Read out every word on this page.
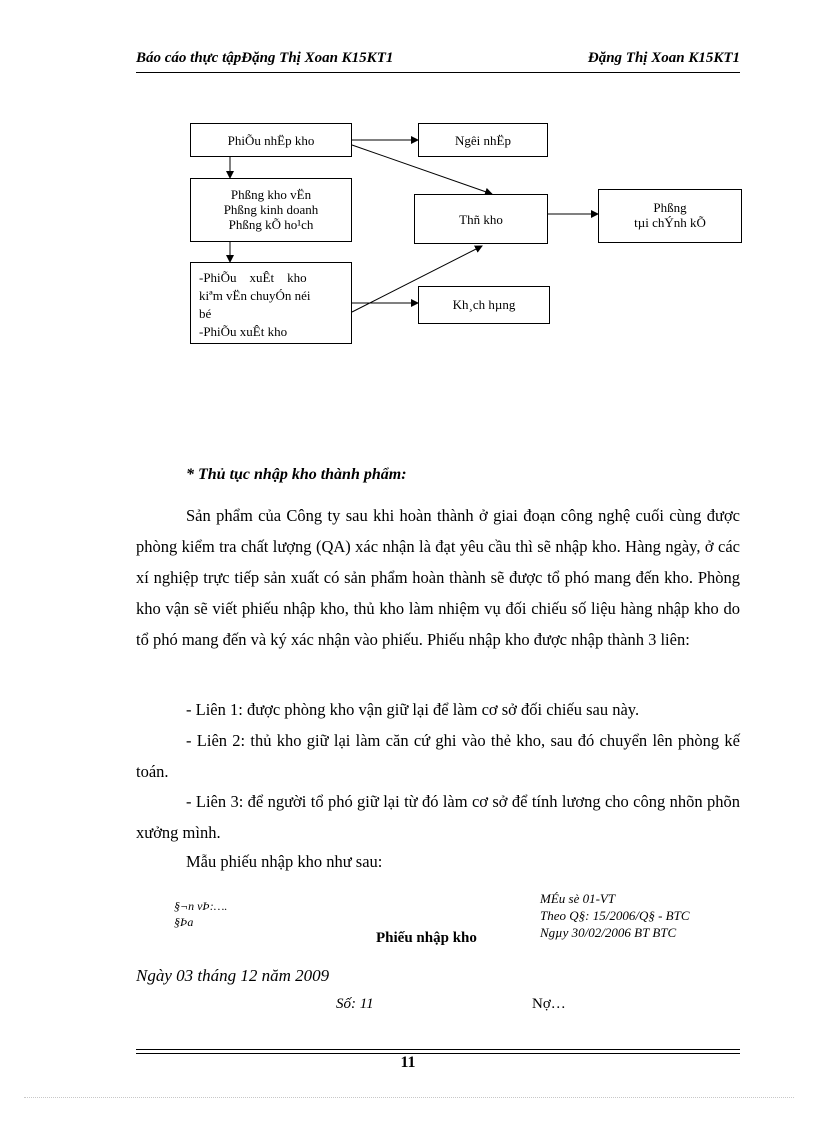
Báo cáo thực tậpĐặng Thị Xoan K15KT1	Đặng Thị Xoan K15KT1
PhiÕu nhËp kho	Ngêi nhËp
Phßng kho vËn
Phßng kinh doanh
Phßng kÕ ho¹ch	Thñ kho
Phßng
tµi chÝnh kÕ
-PhiÕu    xuÊt    kho
kiªm vËn chuyÓn néi
bé
-PhiÕu xuÊt kho
Kh¸ch hµng
* Thủ tục nhập kho thành phẩm:
Sản phẩm của Công ty sau khi hoàn thành ở giai đoạn công nghệ cuối cùng được phòng kiểm tra chất lượng (QA) xác nhận là đạt yêu cầu thì sẽ nhập kho. Hàng ngày, ở các xí nghiệp trực tiếp sản xuất có sản phẩm hoàn thành sẽ được tổ phó mang đến kho. Phòng kho vận sẽ viết phiếu nhập kho, thủ kho làm nhiệm vụ đối chiếu số liệu hàng nhập kho do tổ phó mang đến và ký xác nhận vào phiếu. Phiếu nhập kho được nhập thành 3 liên:
- Liên 1: được phòng kho vận giữ lại để làm cơ sở đối chiếu sau này.
- Liên 2: thủ kho giữ lại làm căn cứ ghi vào thẻ kho, sau đó chuyển lên phòng kế toán.
- Liên 3: để người tổ phó giữ lại từ đó làm cơ sở để tính lương cho công nhõn phõn xưởng mình.
Mẫu phiếu nhập kho như sau:
§¬n vÞ:….
§Þa
Phiếu nhập kho
MÉu sè 01-VT
Theo Q§: 15/2006/Q§ - BTC
Ngµy 30/02/2006 BT BTC
Ngày 03 tháng 12 năm 2009
Số: 11	Nợ…
11
